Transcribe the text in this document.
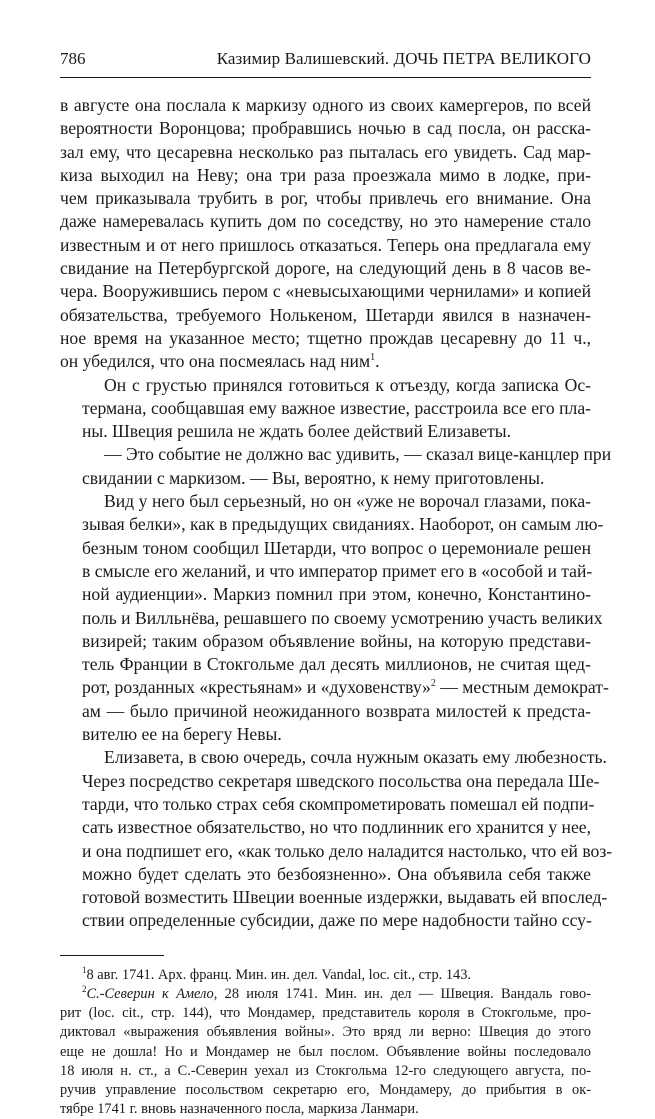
786	Казимир Валишевский. ДОЧЬ ПЕТРА ВЕЛИКОГО

в августе она послала к маркизу одного из своих камергеров, по всей
вероятности Воронцова; пробравшись ночью в сад посла, он расска-
зал ему, что цесаревна несколько раз пыталась его увидеть. Сад мар-
киза выходил на Неву; она три раза проезжала мимо в лодке, при-
чем приказывала трубить в рог, чтобы привлечь его внимание. Она
даже намеревалась купить дом по соседству, но это намерение стало
известным и от него пришлось отказаться. Теперь она предлагала ему
свидание на Петербургской дороге, на следующий день в 8 часов ве-
чера. Вооружившись пером с «невысыхающими чернилами» и копией
обязательства, требуемого Нолькеном, Шетарди явился в назначен-
ное время на указанное место; тщетно прождав цесаревну до 11 ч.,
он убедился, что она посмеялась над ним$^1$.

Он с грустью принялся готовиться к отъезду, когда записка Ос-
термана, сообщавшая ему важное известие, расстроила все его пла-
ны. Швеция решила не ждать более действий Елизаветы.

— Это событие не должно вас удивить, — сказал вице-канцлер при
свидании с маркизом. — Вы, вероятно, к нему приготовлены.

Вид у него был серьезный, но он «уже не ворочал глазами, пока-
зывая белки», как в предыдущих свиданиях. Наоборот, он самым лю-
безным тоном сообщил Шетарди, что вопрос о церемониале решен
в смысле его желаний, и что император примет его в «особой и тай-
ной аудиенции». Маркиз помнил при этом, конечно, Константино-
поль и Вилльнёва, решавшего по своему усмотрению участь великих
визирей; таким образом объявление войны, на которую представи-
тель Франции в Стокгольме дал десять миллионов, не считая щед-
рот, розданных «крестьянам» и «духовенству»$^2$ — местным демократ-
ам — было причиной неожиданного возврата милостей к предста-
вителю ее на берегу Невы.

Елизавета, в свою очередь, сочла нужным оказать ему любезность.
Через посредство секретаря шведского посольства она передала Ше-
тарди, что только страх себя скомпрометировать помешал ей подпи-
сать известное обязательство, но что подлинник его хранится у нее,
и она подпишет его, «как только дело наладится настолько, что ей воз-
можно будет сделать это безбоязненно». Она объявила себя также
готовой возместить Швеции военные издержки, выдавать ей впослед-
ствии определенные субсидии, даже по мере надобности тайно ссу-

$^1$8 авг. 1741. Арх. франц. Мин. ин. дел. Vandal, loc. cit., стр. 143.
$^2$С.-Северин к Амело, 28 июля 1741. Мин. ин. дел — Швеция. Вандаль гово-
рит (loc. cit., стр. 144), что Мондамер, представитель короля в Стокгольме, про-
диктовал «выражения объявления войны». Это вряд ли верно: Швеция до этого
еще не дошла! Но и Мондамер не был послом. Объявление войны последовало
18 июля н. ст., а С.-Северин уехал из Стокгольма 12-го следующего августа, по-
ручив управление посольством секретарю его, Мондамеру, до прибытия в ок-
тябре 1741 г. вновь назначенного посла, маркиза Ланмари.
